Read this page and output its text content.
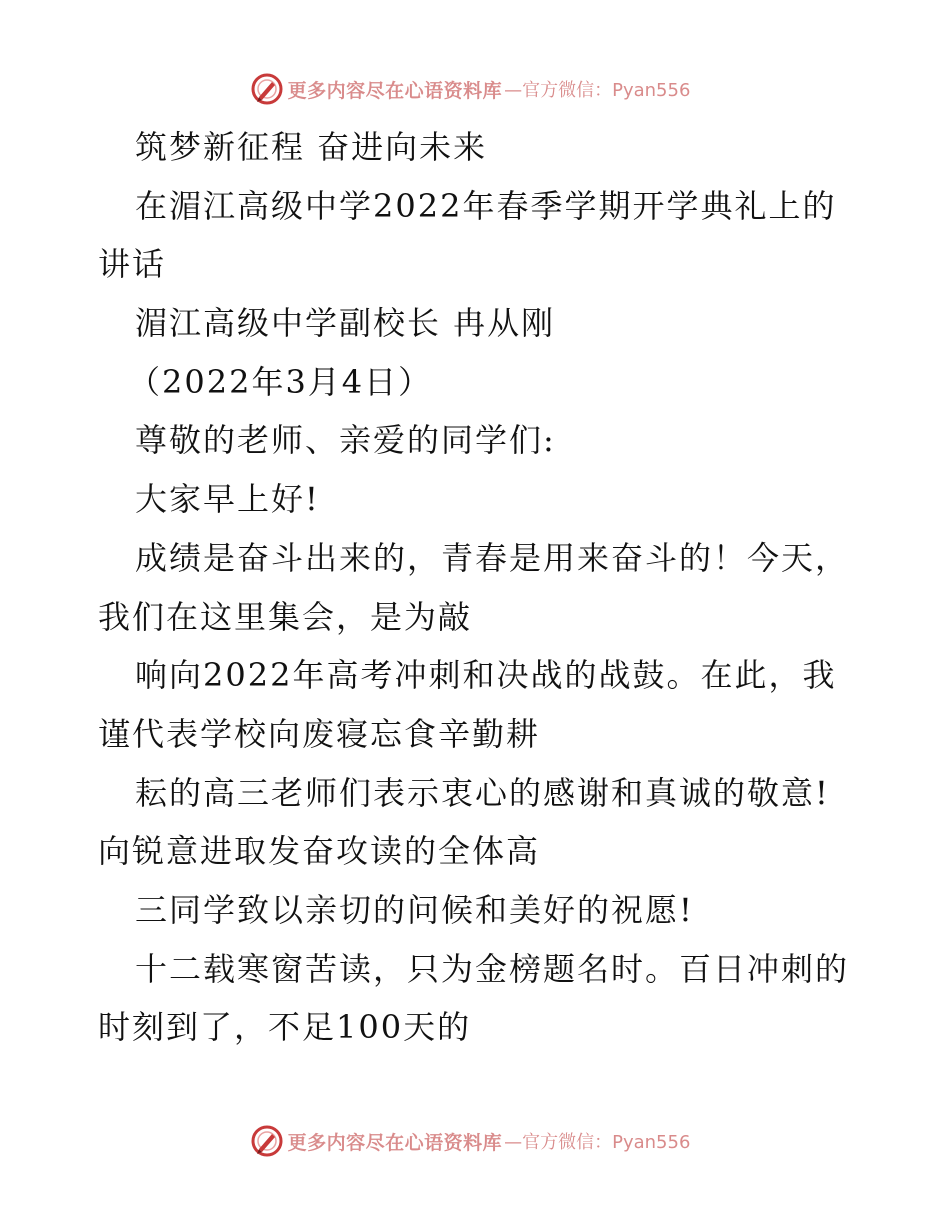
更多内容尽在心语资料库 —官方微信：Pyan556
筑梦新征程 奋进向未来
在湄江高级中学2022年春季学期开学典礼上的
讲话
湄江高级中学副校长 冉从刚
（2022年3月4日）
尊敬的老师、亲爱的同学们:
大家早上好!
成绩是奋斗出来的，青春是用来奋斗的！今天，
我们在这里集会，是为敲
响向2022年高考冲刺和决战的战鼓。在此，我
谨代表学校向废寝忘食辛勤耕
耘的高三老师们表示衷心的感谢和真诚的敬意!
向锐意进取发奋攻读的全体高
三同学致以亲切的问候和美好的祝愿!
十二载寒窗苦读，只为金榜题名时。百日冲刺的
时刻到了，不足100天的
更多内容尽在心语资料库 —官方微信：Pyan556
